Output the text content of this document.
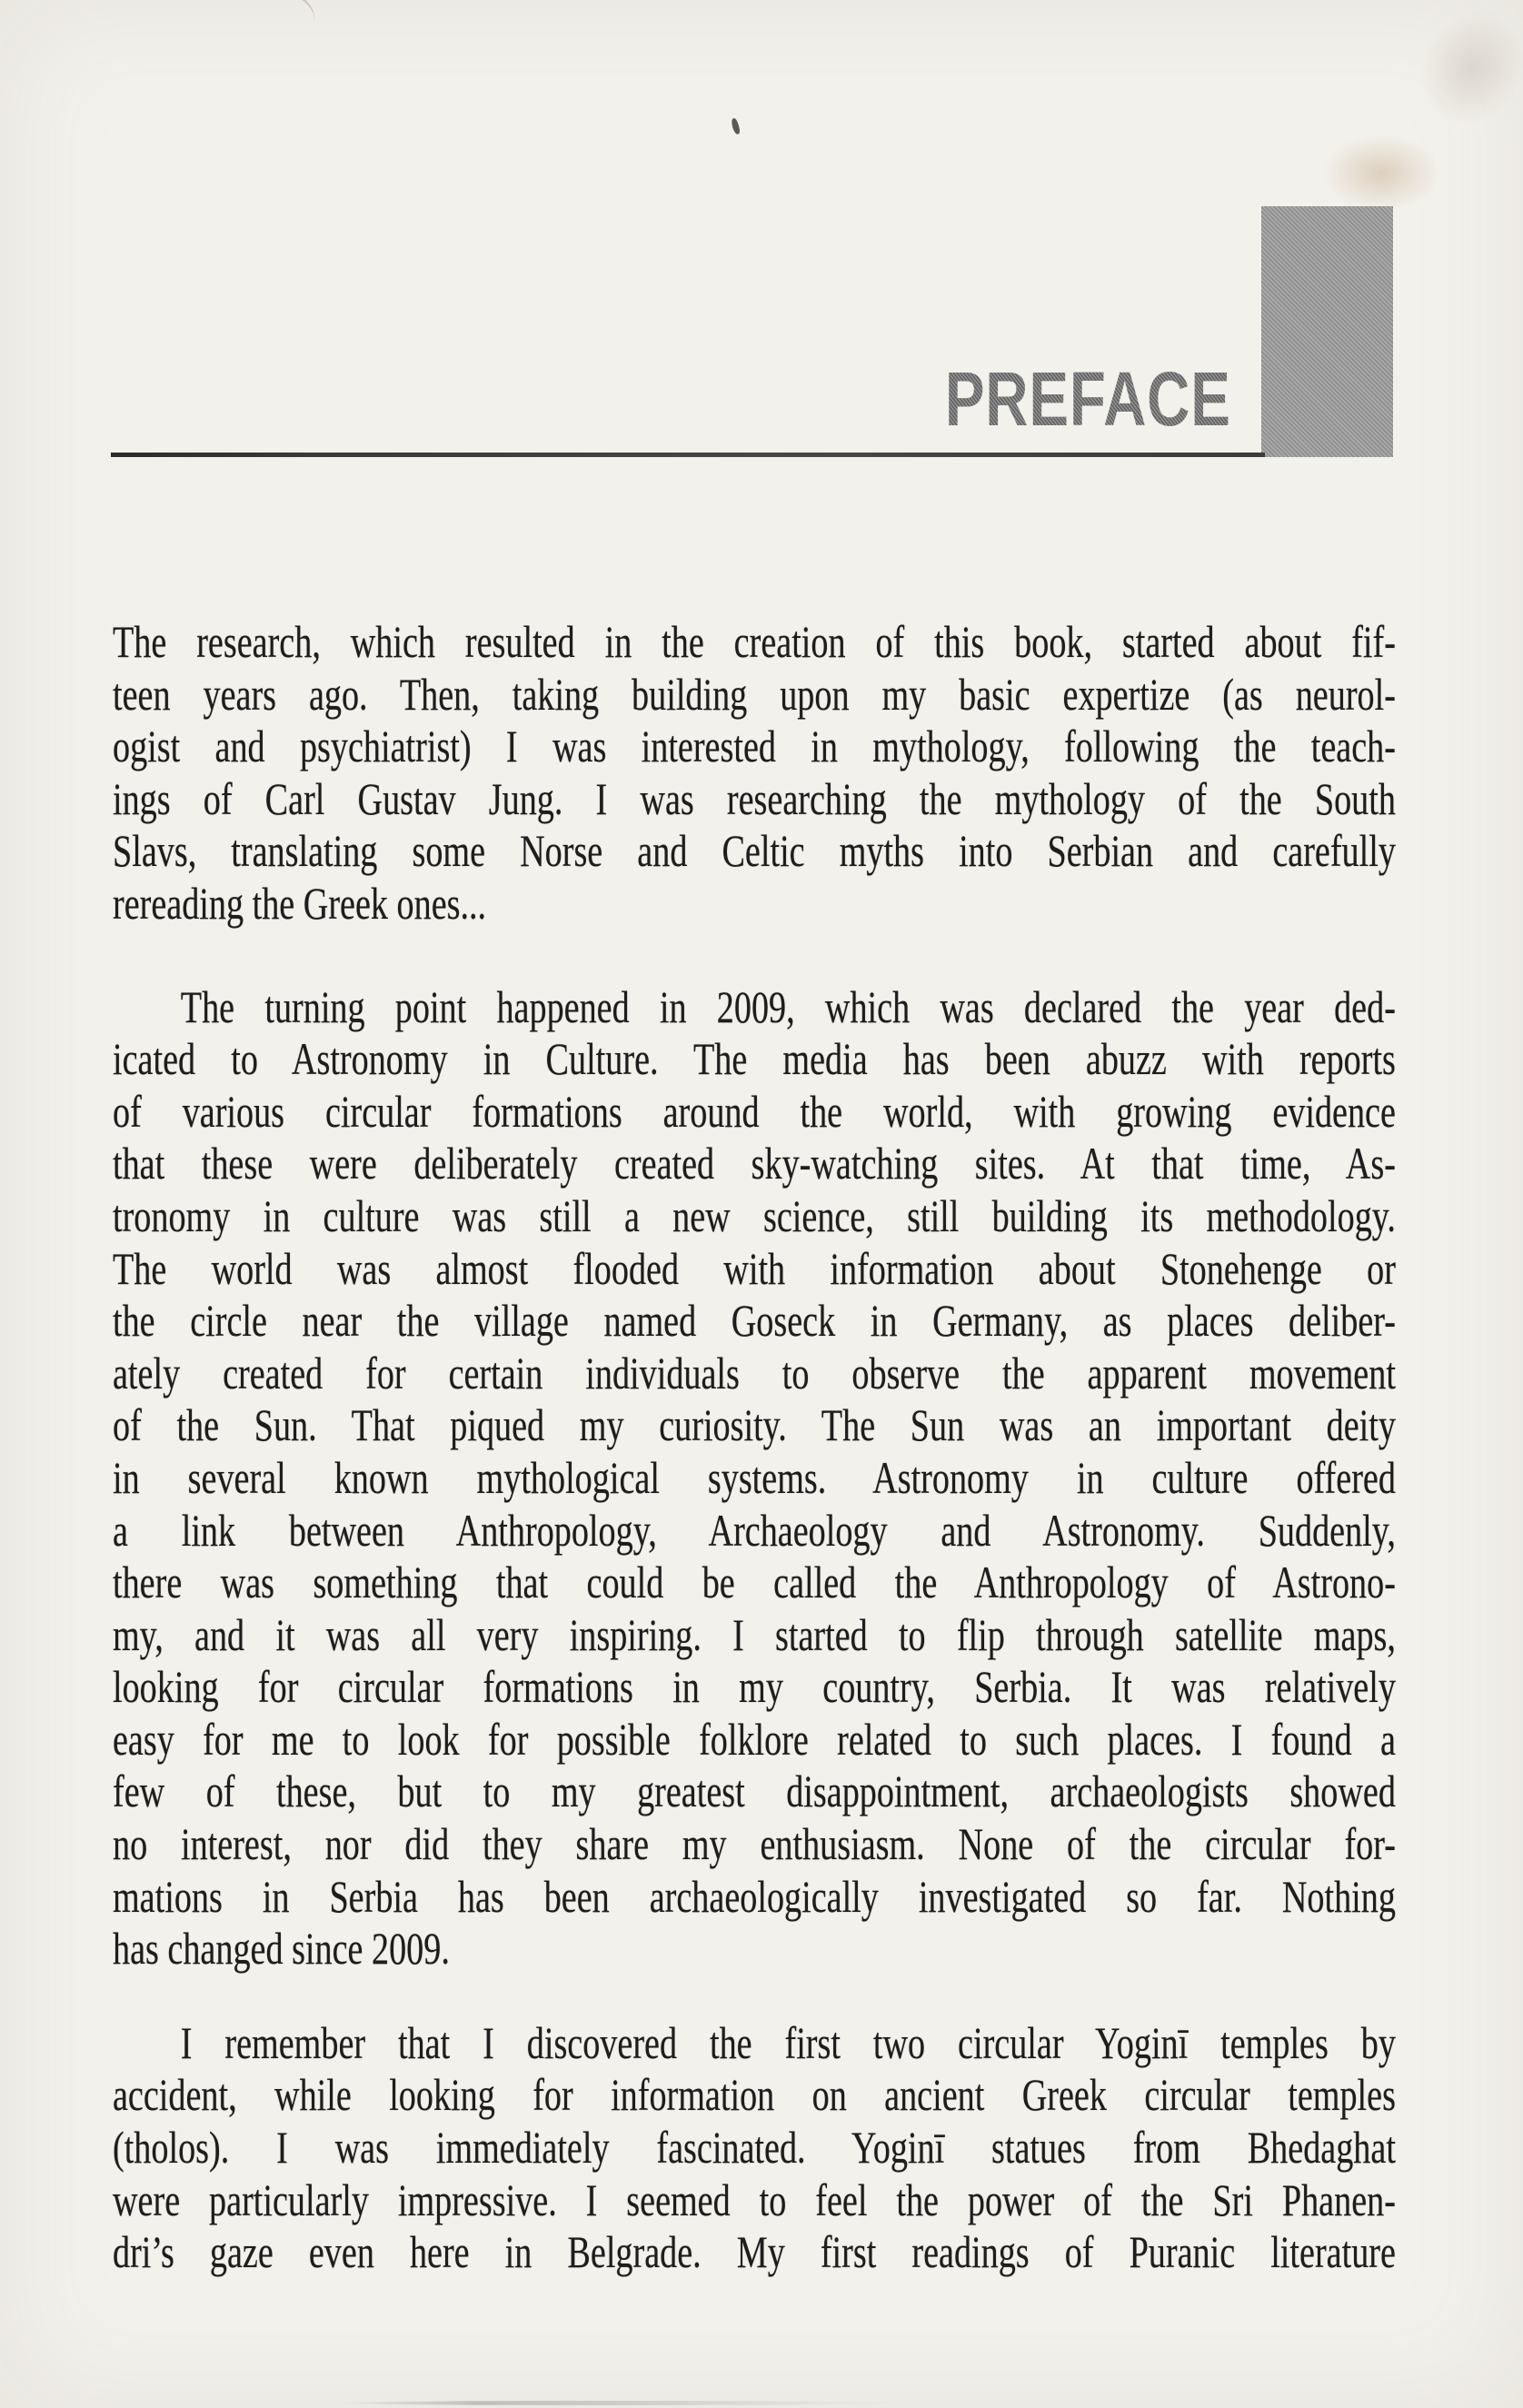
PREFACE
The research, which resulted in the creation of this book, started about fif-
teen years ago. Then, taking building upon my basic expertize (as neurol-
ogist and psychiatrist) I was interested in mythology, following the teach-
ings of Carl Gustav Jung. I was researching the mythology of the South
Slavs, translating some Norse and Celtic myths into Serbian and carefully
rereading the Greek ones...
The turning point happened in 2009, which was declared the year ded-
icated to Astronomy in Culture. The media has been abuzz with reports
of various circular formations around the world, with growing evidence
that these were deliberately created sky-watching sites. At that time, As-
tronomy in culture was still a new science, still building its methodology.
The world was almost flooded with information about Stonehenge or
the circle near the village named Goseck in Germany, as places deliber-
ately created for certain individuals to observe the apparent movement
of the Sun. That piqued my curiosity. The Sun was an important deity
in several known mythological systems. Astronomy in culture offered
a link between Anthropology, Archaeology and Astronomy. Suddenly,
there was something that could be called the Anthropology of Astrono-
my, and it was all very inspiring. I started to flip through satellite maps,
looking for circular formations in my country, Serbia. It was relatively
easy for me to look for possible folklore related to such places. I found a
few of these, but to my greatest disappointment, archaeologists showed
no interest, nor did they share my enthusiasm. None of the circular for-
mations in Serbia has been archaeologically investigated so far. Nothing
has changed since 2009.
I remember that I discovered the first two circular Yoginī temples by
accident, while looking for information on ancient Greek circular temples
(tholos). I was immediately fascinated. Yoginī statues from Bhedaghat
were particularly impressive. I seemed to feel the power of the Sri Phanen-
dri’s gaze even here in Belgrade. My first readings of Puranic literature
